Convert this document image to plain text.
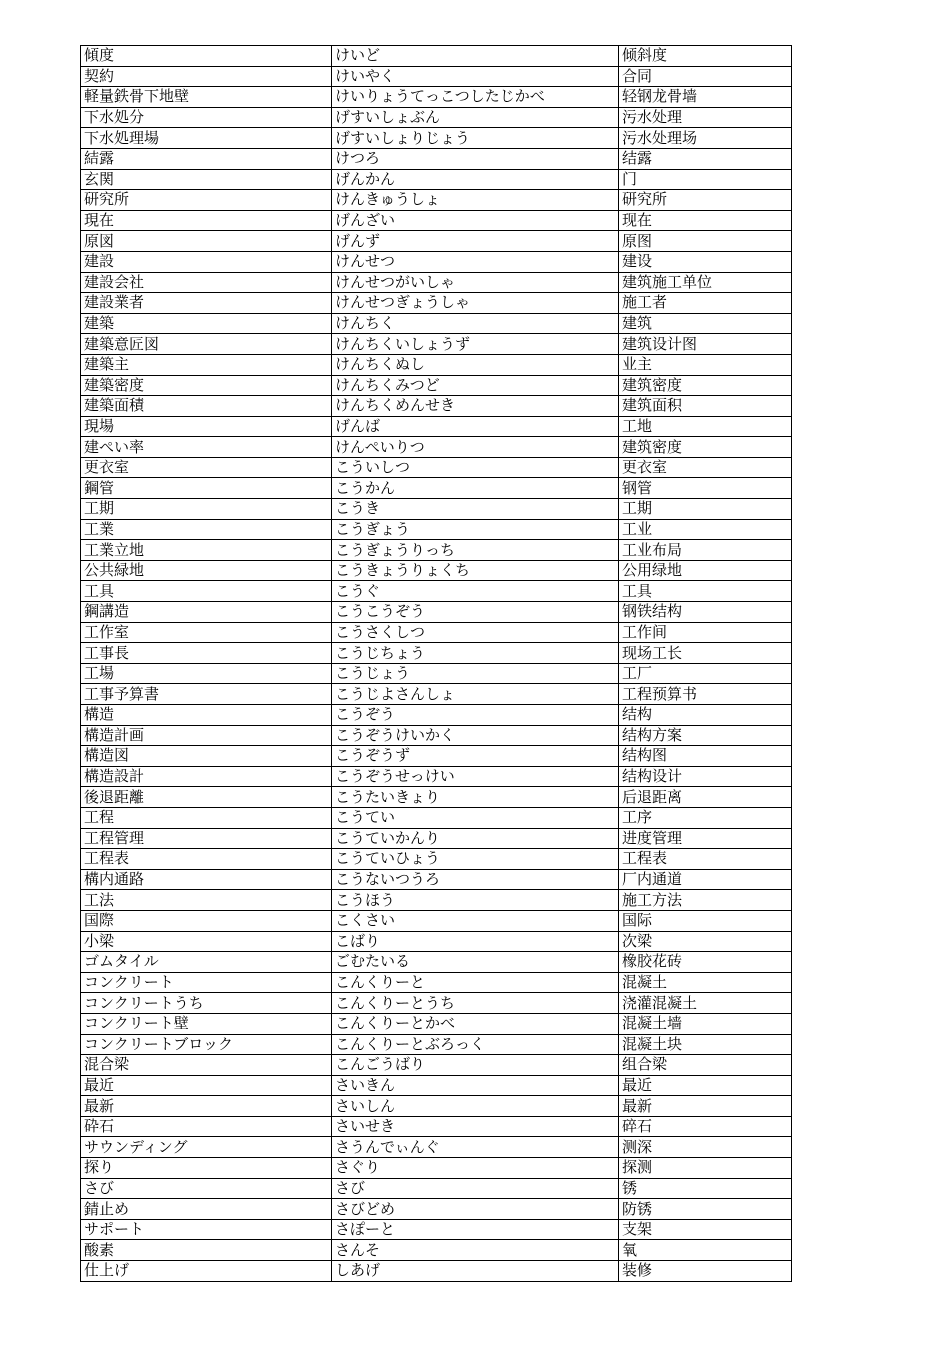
傾度	けいど	倾斜度
契約	けいやく	合同
軽量鉄骨下地壁	けいりょうてっこつしたじかべ	轻钢龙骨墙
下水処分	げすいしょぶん	污水处理
下水処理場	げすいしょりじょう	污水处理场
結露	けつろ	结露
玄関	げんかん	门
研究所	けんきゅうしょ	研究所
現在	げんざい	现在
原図	げんず	原图
建設	けんせつ	建设
建設会社	けんせつがいしゃ	建筑施工单位
建設業者	けんせつぎょうしゃ	施工者
建築	けんちく	建筑
建築意匠図	けんちくいしょうず	建筑设计图
建築主	けんちくぬし	业主
建築密度	けんちくみつど	建筑密度
建築面積	けんちくめんせき	建筑面积
現場	げんば	工地
建ぺい率	けんぺいりつ	建筑密度
更衣室	こういしつ	更衣室
鋼管	こうかん	钢管
工期	こうき	工期
工業	こうぎょう	工业
工業立地	こうぎょうりっち	工业布局
公共緑地	こうきょうりょくち	公用绿地
工具	こうぐ	工具
鋼講造	こうこうぞう	钢铁结构
工作室	こうさくしつ	工作间
工事長	こうじちょう	现场工长
工場	こうじょう	工厂
工事予算書	こうじよさんしょ	工程预算书
構造	こうぞう	结构
構造計画	こうぞうけいかく	结构方案
構造図	こうぞうず	结构图
構造設計	こうぞうせっけい	结构设计
後退距離	こうたいきょり	后退距离
工程	こうてい	工序
工程管理	こうていかんり	进度管理
工程表	こうていひょう	工程表
構内通路	こうないつうろ	厂内通道
工法	こうほう	施工方法
国際	こくさい	国际
小梁	こばり	次梁
ゴムタイル	ごむたいる	橡胶花砖
コンクリート	こんくりーと	混凝土
コンクリートうち	こんくりーとうち	浇灌混凝土
コンクリート壁	こんくりーとかべ	混凝土墙
コンクリートブロック	こんくりーとぶろっく	混凝土块
混合梁	こんごうばり	组合梁
最近	さいきん	最近
最新	さいしん	最新
砕石	さいせき	碎石
サウンディング	さうんでぃんぐ	测深
探り	さぐり	探测
さび	さび	锈
錆止め	さびどめ	防锈
サポート	さぽーと	支架
酸素	さんそ	氧
仕上げ	しあげ	装修
